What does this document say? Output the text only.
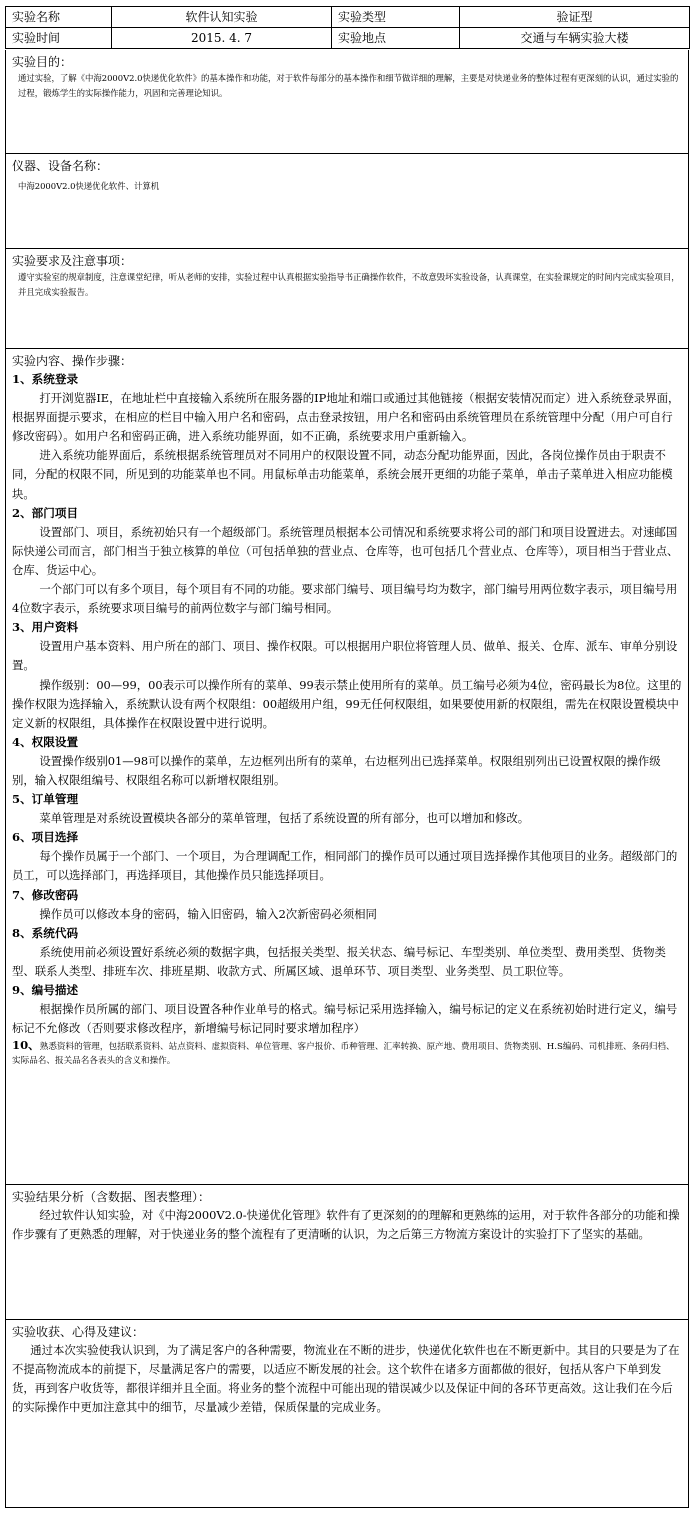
实验名称	软件认知实验	实验类型	验证型
实验时间	2015. 4. 7	实验地点	交通与车辆实验大楼
实验目的：
通过实验，了解《中海2000V2.0快递优化软件》的基本操作和功能，对于软件每部分的基本操作和细节做详细的理解，主要是对快递业务的整体过程有更深刻的认识，通过实验的过程，锻炼学生的实际操作能力，巩固和完善理论知识。
仪器、设备名称：
中海2000V2.0快递优化软件、计算机
实验要求及注意事项：
遵守实验室的规章制度，注意课堂纪律，听从老师的安排，实验过程中认真根据实验指导书正确操作软件，不故意毁坏实验设备，认真课堂，在实验课规定的时间内完成实验项目，并且完成实验报告。
实验内容、操作步骤：
1、系统登录
打开浏览器IE，在地址栏中直接输入系统所在服务器的IP地址和端口或通过其他链接（根据安装情况而定）进入系统登录界面，根据界面提示要求，在相应的栏目中输入用户名和密码，点击登录按钮，用户名和密码由系统管理员在系统管理中分配（用户可自行修改密码）。如用户名和密码正确，进入系统功能界面，如不正确，系统要求用户重新输入。
进入系统功能界面后，系统根据系统管理员对不同用户的权限设置不同，动态分配功能界面，因此，各岗位操作员由于职责不同，分配的权限不同，所见到的功能菜单也不同。用鼠标单击功能菜单，系统会展开更细的功能子菜单，单击子菜单进入相应功能模块。
2、部门项目
设置部门、项目，系统初始只有一个超级部门。系统管理员根据本公司情况和系统要求将公司的部门和项目设置进去。对速邮国际快递公司而言，部门相当于独立核算的单位（可包括单独的营业点、仓库等，也可包括几个营业点、仓库等），项目相当于营业点、仓库、货运中心。
一个部门可以有多个项目，每个项目有不同的功能。要求部门编号、项目编号均为数字，部门编号用两位数字表示，项目编号用4位数字表示，系统要求项目编号的前两位数字与部门编号相同。
3、用户资料
设置用户基本资料、用户所在的部门、项目、操作权限。可以根据用户职位将管理人员、做单、报关、仓库、派车、审单分别设置。
操作级别：00—99，00表示可以操作所有的菜单、99表示禁止使用所有的菜单。员工编号必须为4位，密码最长为8位。这里的操作权限为选择输入，系统默认设有两个权限组：00超级用户组，99无任何权限组，如果要使用新的权限组，需先在权限设置模块中定义新的权限组，具体操作在权限设置中进行说明。
4、权限设置
设置操作级别01—98可以操作的菜单，左边框列出所有的菜单，右边框列出已选择菜单。权限组别列出已设置权限的操作级别，输入权限组编号、权限组名称可以新增权限组别。
5、订单管理
菜单管理是对系统设置模块各部分的菜单管理，包括了系统设置的所有部分，也可以增加和修改。
6、项目选择
每个操作员属于一个部门、一个项目，为合理调配工作，相同部门的操作员可以通过项目选择操作其他项目的业务。超级部门的员工，可以选择部门，再选择项目，其他操作员只能选择项目。
7、修改密码
操作员可以修改本身的密码，输入旧密码，输入2次新密码必须相同
8、系统代码
系统使用前必须设置好系统必须的数据字典，包括报关类型、报关状态、编号标记、车型类别、单位类型、费用类型、货物类型、联系人类型、排班车次、排班星期、收款方式、所属区域、退单环节、项目类型、业务类型、员工职位等。
9、编号描述
根据操作员所属的部门、项目设置各种作业单号的格式。编号标记采用选择输入，编号标记的定义在系统初始时进行定义，编号标记不允修改（否则要求修改程序，新增编号标记同时要求增加程序）
10、熟悉资料的管理，包括联系资料、站点资料、虚拟资料、单位管理、客户报价、币种管理、汇率转换、原产地、费用项目、货物类别、H.S编码、司机排班、条码归档、实际品名、报关品名各表头的含义和操作。
实验结果分析（含数据、图表整理）：
经过软件认知实验，对《中海2000V2.0-快递优化管理》软件有了更深刻的的理解和更熟练的运用，对于软件各部分的功能和操作步骤有了更熟悉的理解，对于快递业务的整个流程有了更清晰的认识，为之后第三方物流方案设计的实验打下了坚实的基础。
实验收获、心得及建议：
通过本次实验使我认识到，为了满足客户的各种需要，物流业在不断的进步，快递优化软件也在不断更新中。其目的只要是为了在不提高物流成本的前提下，尽量满足客户的需要，以适应不断发展的社会。这个软件在诸多方面都做的很好，包括从客户下单到发货，再到客户收货等，都很详细并且全面。将业务的整个流程中可能出现的错误减少以及保证中间的各环节更高效。这让我们在今后的实际操作中更加注意其中的细节，尽量减少差错，保质保量的完成业务。
